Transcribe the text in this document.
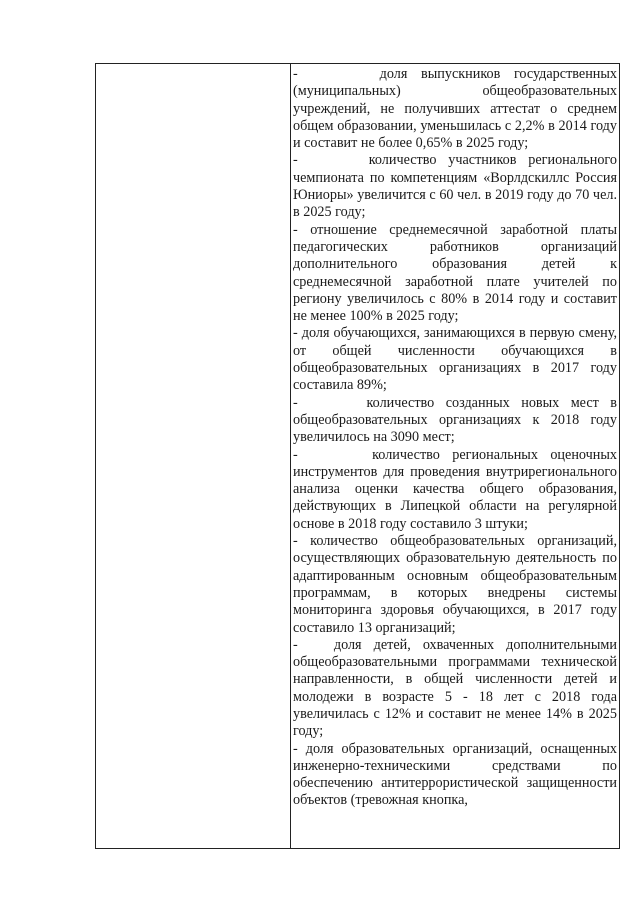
-      доля выпускников государственных (муниципальных) общеобразовательных учреждений, не получивших аттестат о среднем общем образовании, уменьшилась с 2,2% в 2014 году и составит не более 0,65% в 2025 году;

-      количество участников регионального чемпионата по компетенциям «Ворлдскиллс Россия Юниоры» увеличится с 60 чел. в 2019 году до 70 чел. в 2025 году;

- отношение среднемесячной заработной платы педагогических работников организаций дополнительного образования детей к среднемесячной заработной плате учителей по региону увеличилось с 80% в 2014 году и составит не менее 100% в 2025 году;

- доля обучающихся, занимающихся в первую смену, от общей численности обучающихся в общеобразовательных организациях в 2017 году составила 89%;

-      количество созданных новых мест в общеобразовательных организациях к 2018 году увеличилось на 3090 мест;

-      количество региональных оценочных инструментов для проведения внутрирегионального анализа оценки качества общего образования, действующих в Липецкой области на регулярной основе в 2018 году составило 3 штуки;

- количество общеобразовательных организаций, осуществляющих образовательную деятельность по адаптированным основным общеобразовательным программам, в которых внедрены системы мониторинга здоровья обучающихся, в 2017 году составило 13 организаций;

-   доля детей, охваченных дополнительными общеобразовательными программами технической направленности, в общей численности детей и молодежи в возрасте 5 - 18 лет с 2018 года увеличилась с 12% и составит не менее 14% в 2025 году;

- доля образовательных организаций, оснащенных инженерно-техническими средствами по обеспечению антитеррористической защищенности объектов (тревожная кнопка,
